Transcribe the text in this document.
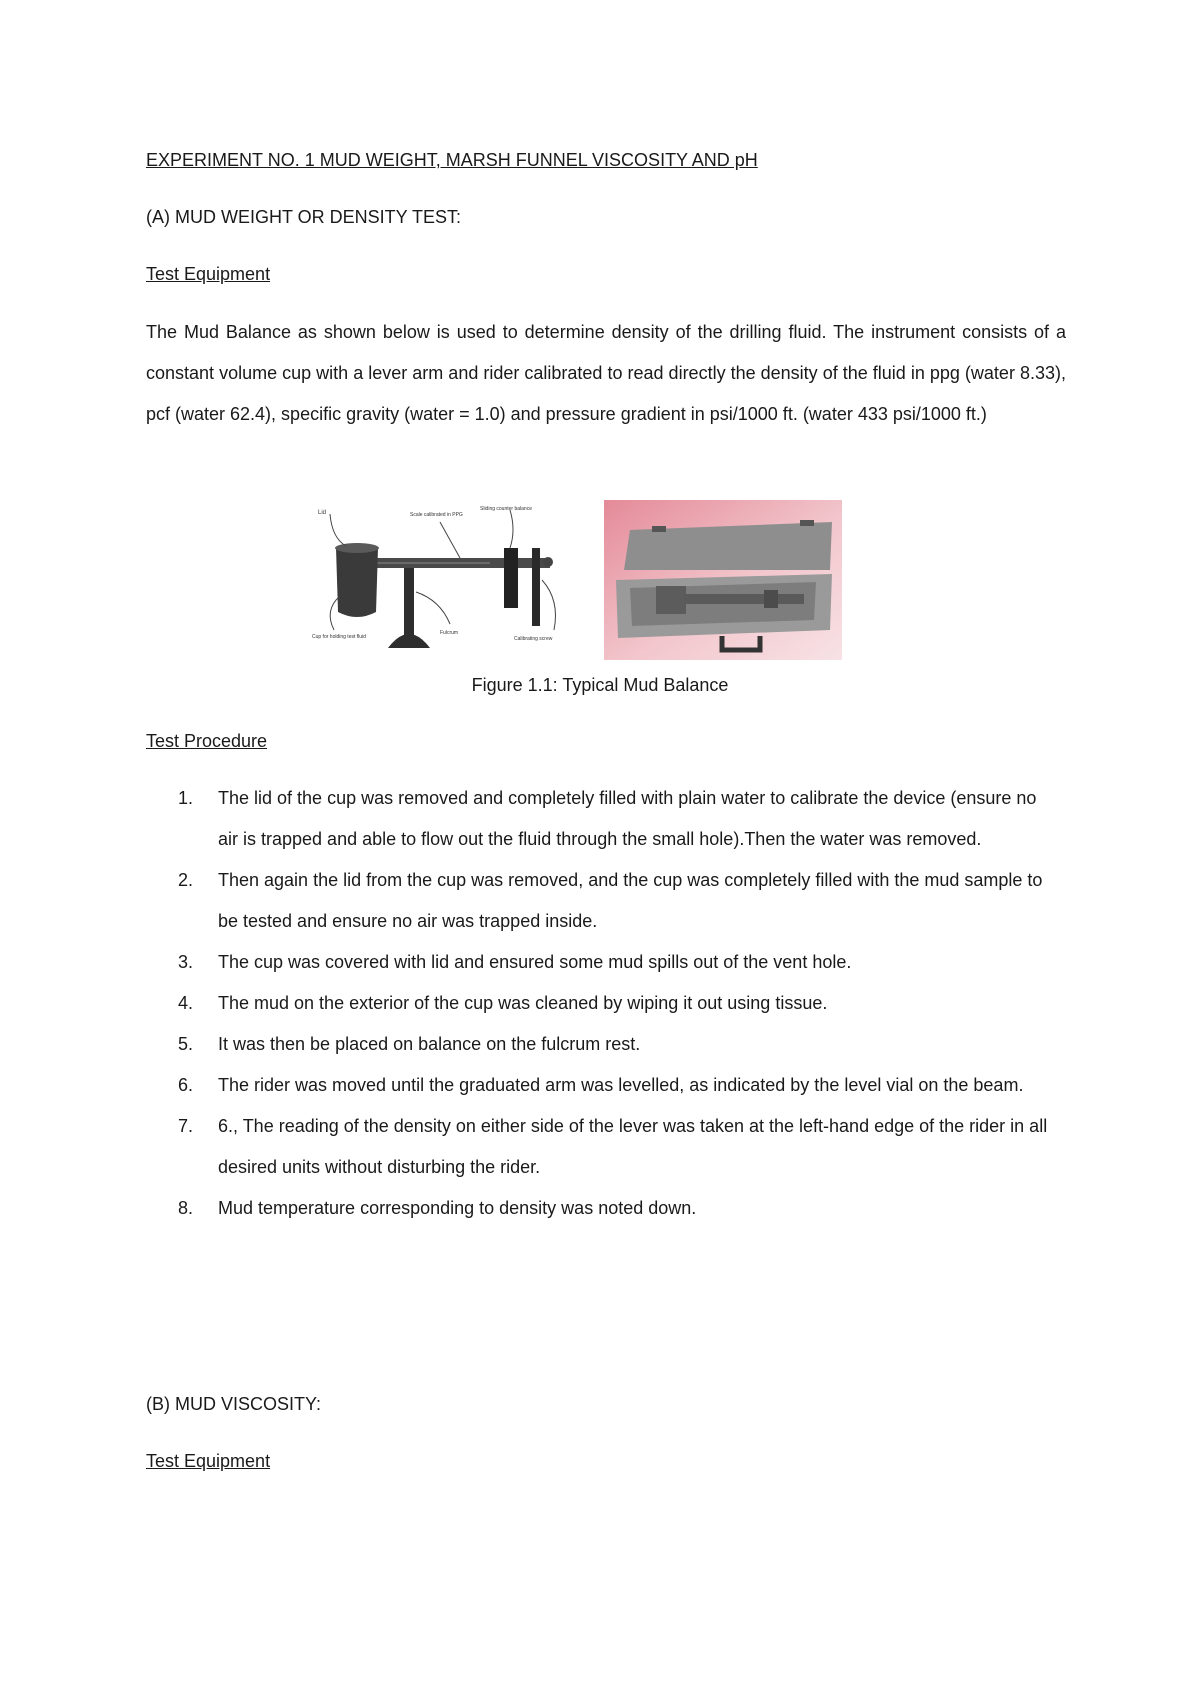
EXPERIMENT NO. 1 MUD WEIGHT, MARSH FUNNEL VISCOSITY AND pH
(A) MUD WEIGHT OR DENSITY TEST:
Test Equipment
The Mud Balance as shown below is used to determine density of the drilling fluid. The instrument consists of a constant volume cup with a lever arm and rider calibrated to read directly the density of the fluid in ppg (water 8.33), pcf (water 62.4), specific gravity (water = 1.0) and pressure gradient in psi/1000 ft. (water 433 psi/1000 ft.)
Lid	Scale calibrated in PPG
Sliding counter balance
Cup for holding test fluid
Fulcrum
Calibrating screw
Figure 1.1: Typical Mud Balance
Test Procedure
1. The lid of the cup was removed and completely filled with plain water to calibrate the device (ensure no air is trapped and able to flow out the fluid through the small hole).Then the water was removed.
2. Then again the lid from the cup was removed, and the cup was completely filled with the mud sample to be tested and ensure no air was trapped inside.
3. The cup was covered with lid and ensured some mud spills out of the vent hole.
4. The mud on the exterior of the cup was cleaned by wiping it out using tissue.
5. It was then be placed on balance on the fulcrum rest.
6. The rider was moved until the graduated arm was levelled, as indicated by the level vial on the beam.
7. 6., The reading of the density on either side of the lever was taken at the left-hand edge of the rider in all desired units without disturbing the rider.
8. Mud temperature corresponding to density was noted down.
(B) MUD VISCOSITY:
Test Equipment
